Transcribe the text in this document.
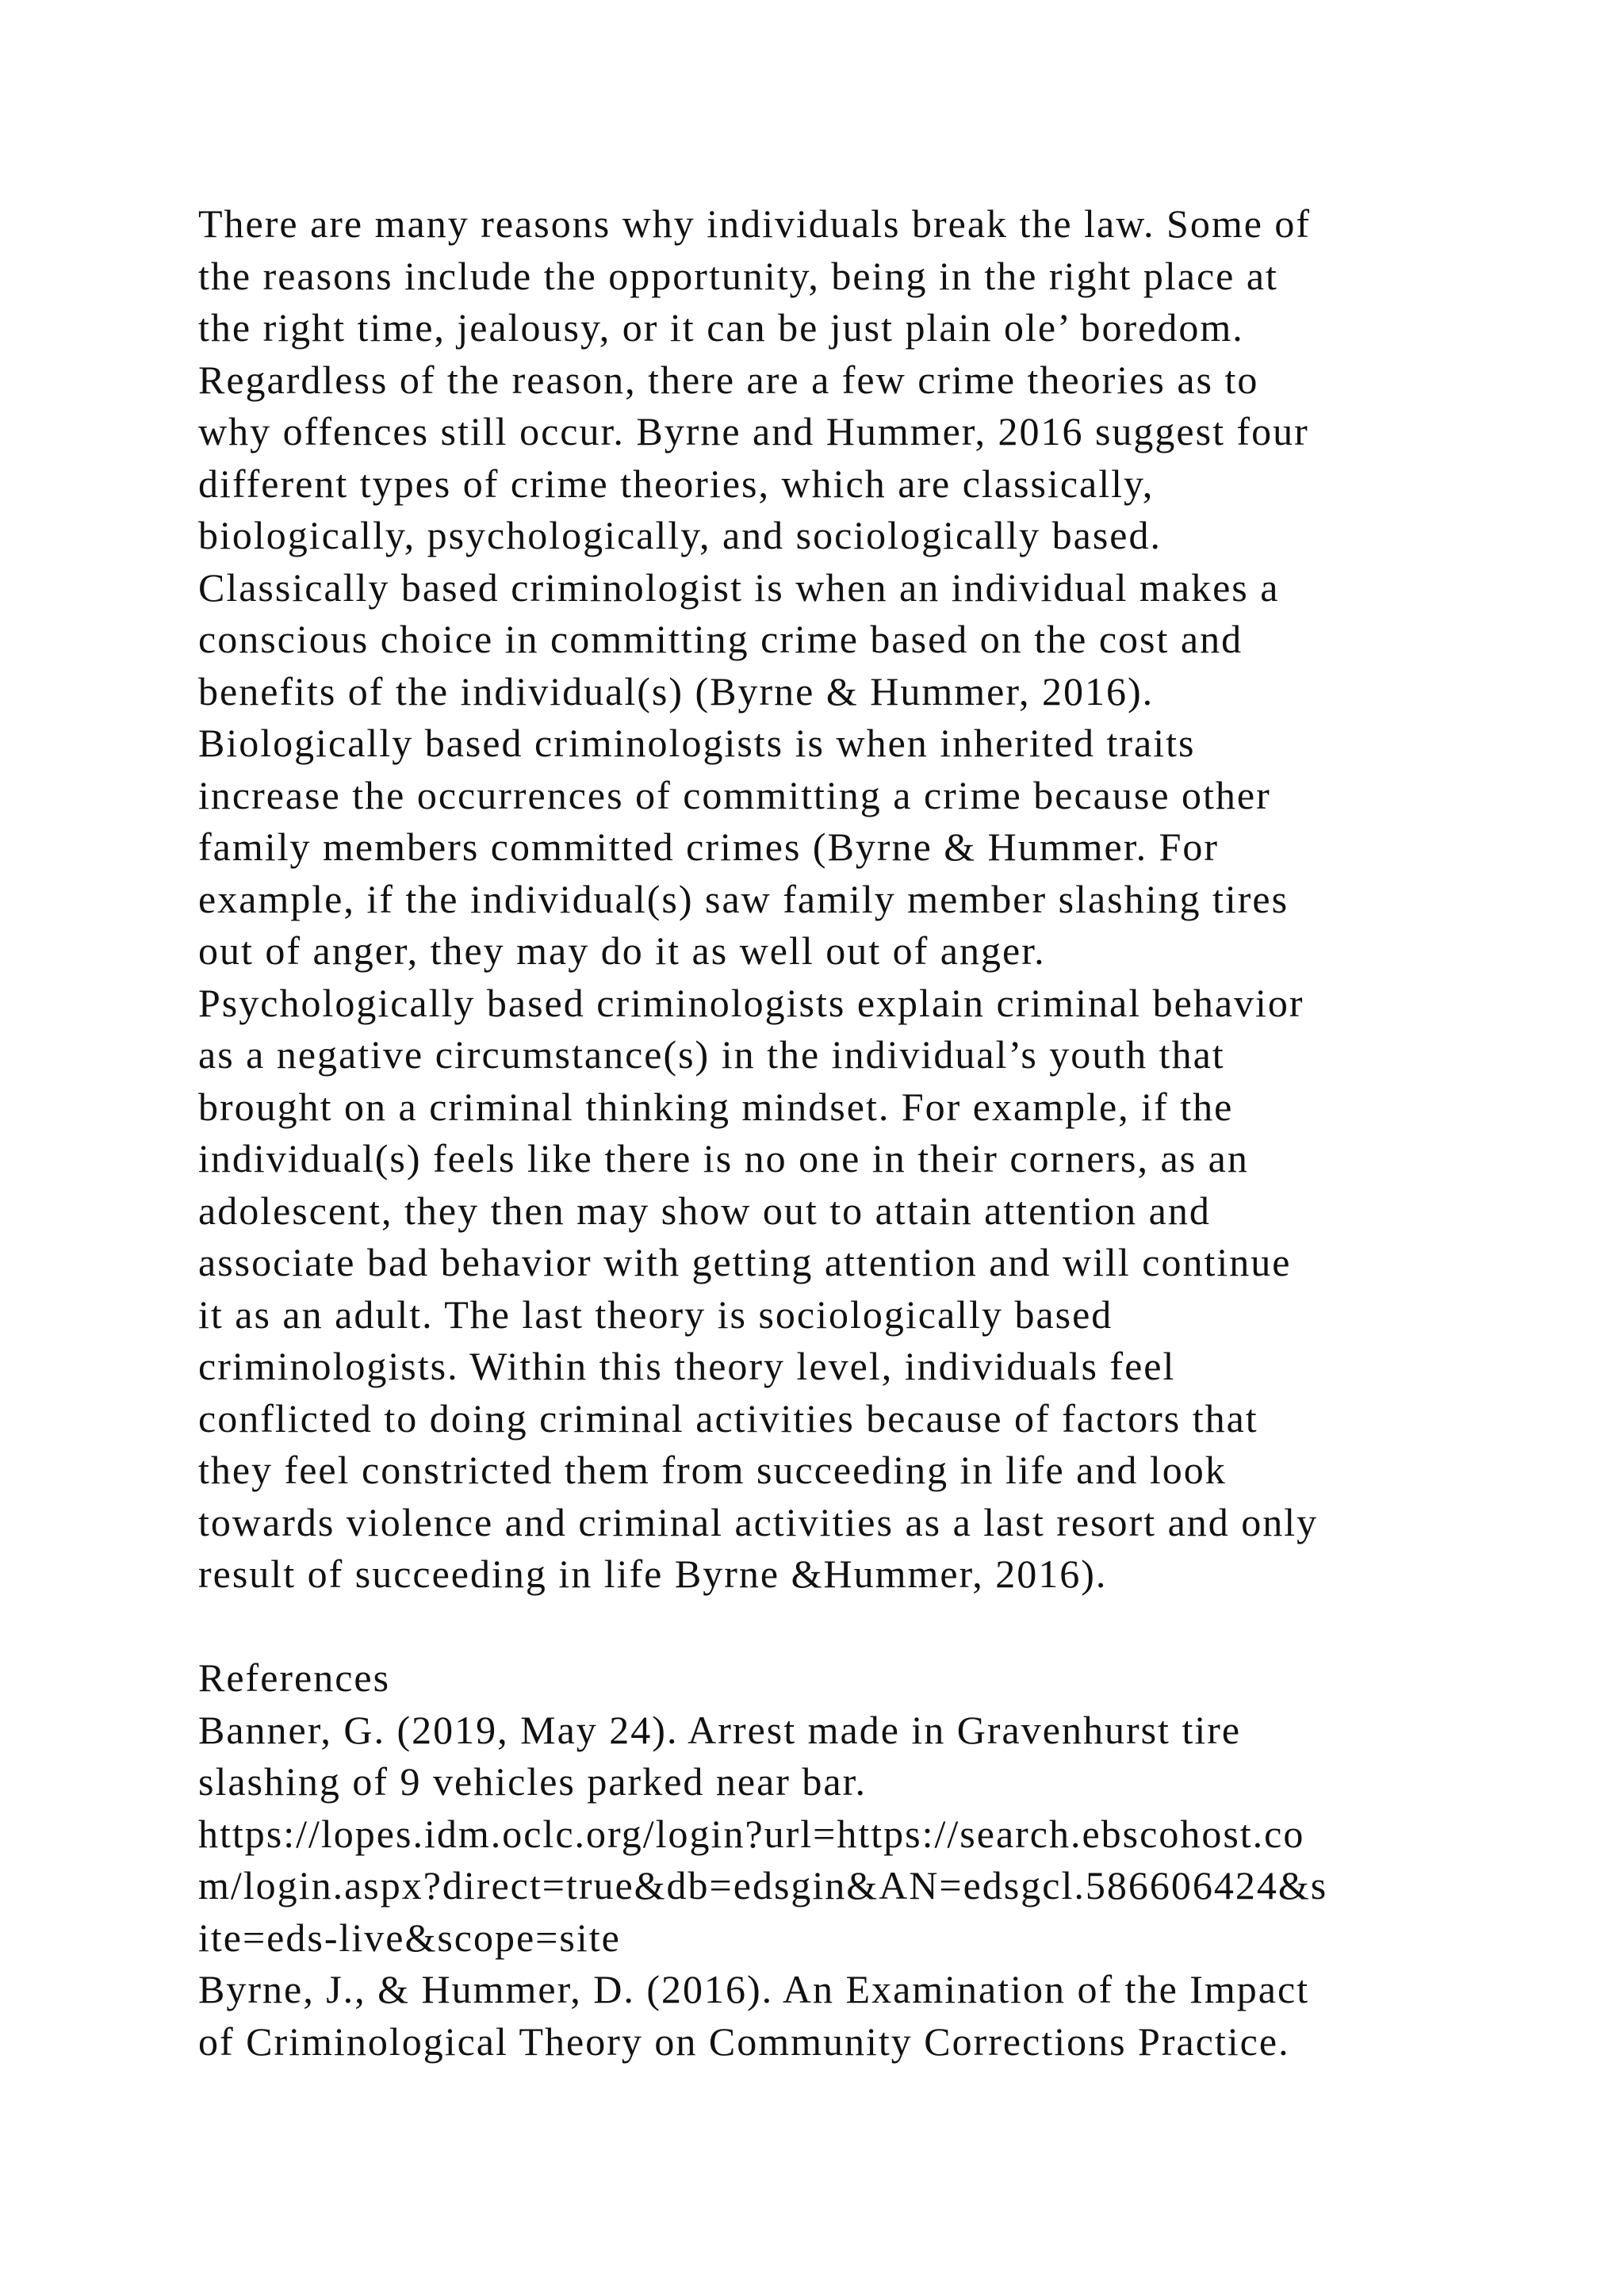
There are many reasons why individuals break the law. Some of
the reasons include the opportunity, being in the right place at
the right time, jealousy, or it can be just plain ole’ boredom.
Regardless of the reason, there are a few crime theories as to
why offences still occur. Byrne and Hummer, 2016 suggest four
different types of crime theories, which are classically,
biologically, psychologically, and sociologically based.
Classically based criminologist is when an individual makes a
conscious choice in committing crime based on the cost and
benefits of the individual(s) (Byrne & Hummer, 2016).
Biologically based criminologists is when inherited traits
increase the occurrences of committing a crime because other
family members committed crimes (Byrne & Hummer. For
example, if the individual(s) saw family member slashing tires
out of anger, they may do it as well out of anger.
Psychologically based criminologists explain criminal behavior
as a negative circumstance(s) in the individual’s youth that
brought on a criminal thinking mindset. For example, if the
individual(s) feels like there is no one in their corners, as an
adolescent, they then may show out to attain attention and
associate bad behavior with getting attention and will continue
it as an adult. The last theory is sociologically based
criminologists. Within this theory level, individuals feel
conflicted to doing criminal activities because of factors that
they feel constricted them from succeeding in life and look
towards violence and criminal activities as a last resort and only
result of succeeding in life Byrne &Hummer, 2016).
References
Banner, G. (2019, May 24). Arrest made in Gravenhurst tire
slashing of 9 vehicles parked near bar.
https://lopes.idm.oclc.org/login?url=https://search.ebscohost.co
m/login.aspx?direct=true&db=edsgin&AN=edsgcl.586606424&s
ite=eds-live&scope=site
Byrne, J., & Hummer, D. (2016). An Examination of the Impact
of Criminological Theory on Community Corrections Practice.
